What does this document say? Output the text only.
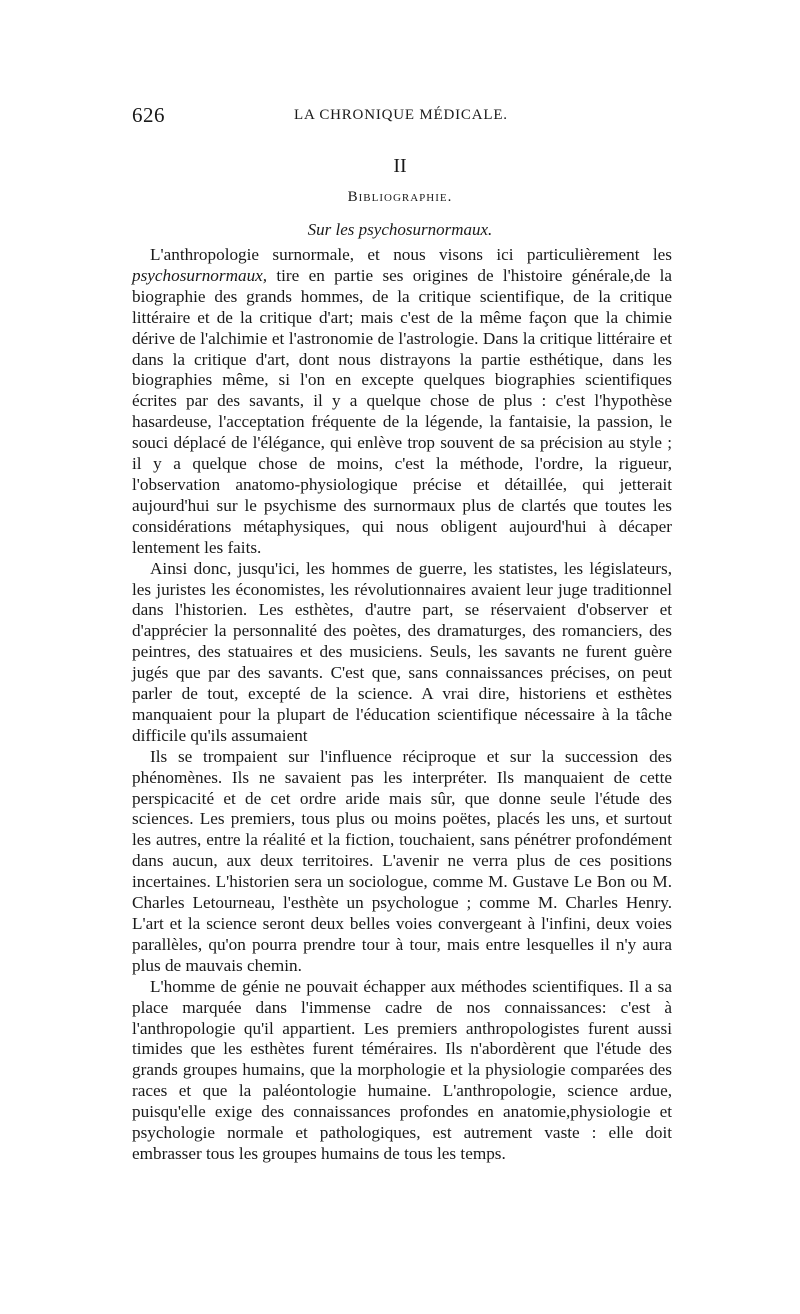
626	LA CHRONIQUE MÉDICALE.
II
Bibliographie.
Sur les psychosurnormaux.

L'anthropologie surnormale, et nous visons ici particulièrement les psychosurnormaux, tire en partie ses origines de l'histoire générale,de la biographie des grands hommes, de la critique scientifique, de la critique littéraire et de la critique d'art; mais c'est de la même façon que la chimie dérive de l'alchimie et l'astronomie de l'astrologie. Dans la critique littéraire et dans la critique d'art, dont nous distrayons la partie esthétique, dans les biographies même, si l'on en excepte quelques biographies scientifiques écrites par des savants, il y a quelque chose de plus : c'est l'hypothèse hasardeuse, l'acceptation fréquente de la légende, la fantaisie, la passion, le souci déplacé de l'élégance, qui enlève trop souvent de sa précision au style ; il y a quelque chose de moins, c'est la méthode, l'ordre, la rigueur, l'observation anatomo-physiologique précise et détaillée, qui jetterait aujourd'hui sur le psychisme des surnormaux plus de clartés que toutes les considérations métaphysiques, qui nous obligent aujourd'hui à décaper lentement les faits.

Ainsi donc, jusqu'ici, les hommes de guerre, les statistes, les législateurs, les juristes les économistes, les révolutionnaires avaient leur juge traditionnel dans l'historien. Les esthètes, d'autre part, se réservaient d'observer et d'apprécier la personnalité des poètes, des dramaturges, des romanciers, des peintres, des statuaires et des musiciens. Seuls, les savants ne furent guère jugés que par des savants. C'est que, sans connaissances précises, on peut parler de tout, excepté de la science. A vrai dire, historiens et esthètes manquaient pour la plupart de l'éducation scientifique nécessaire à la tâche difficile qu'ils assumaient

Ils se trompaient sur l'influence réciproque et sur la succession des phénomènes. Ils ne savaient pas les interpréter. Ils manquaient de cette perspicacité et de cet ordre aride mais sûr, que donne seule l'étude des sciences. Les premiers, tous plus ou moins poëtes, placés les uns, et surtout les autres, entre la réalité et la fiction, touchaient, sans pénétrer profondément dans aucun, aux deux territoires. L'avenir ne verra plus de ces positions incertaines. L'historien sera un sociologue, comme M. Gustave Le Bon ou M. Charles Letourneau, l'esthète un psychologue ; comme M. Charles Henry. L'art et la science seront deux belles voies convergeant à l'infini, deux voies parallèles, qu'on pourra prendre tour à tour, mais entre lesquelles il n'y aura plus de mauvais chemin.

L'homme de génie ne pouvait échapper aux méthodes scientifiques. Il a sa place marquée dans l'immense cadre de nos connaissances: c'est à l'anthropologie qu'il appartient. Les premiers anthropologistes furent aussi timides que les esthètes furent téméraires. Ils n'abordèrent que l'étude des grands groupes humains, que la morphologie et la physiologie comparées des races et que la paléontologie humaine. L'anthropologie, science ardue, puisqu'elle exige des connaissances profondes en anatomie,physiologie et psychologie normale et pathologiques, est autrement vaste : elle doit embrasser tous les groupes humains de tous les temps.
